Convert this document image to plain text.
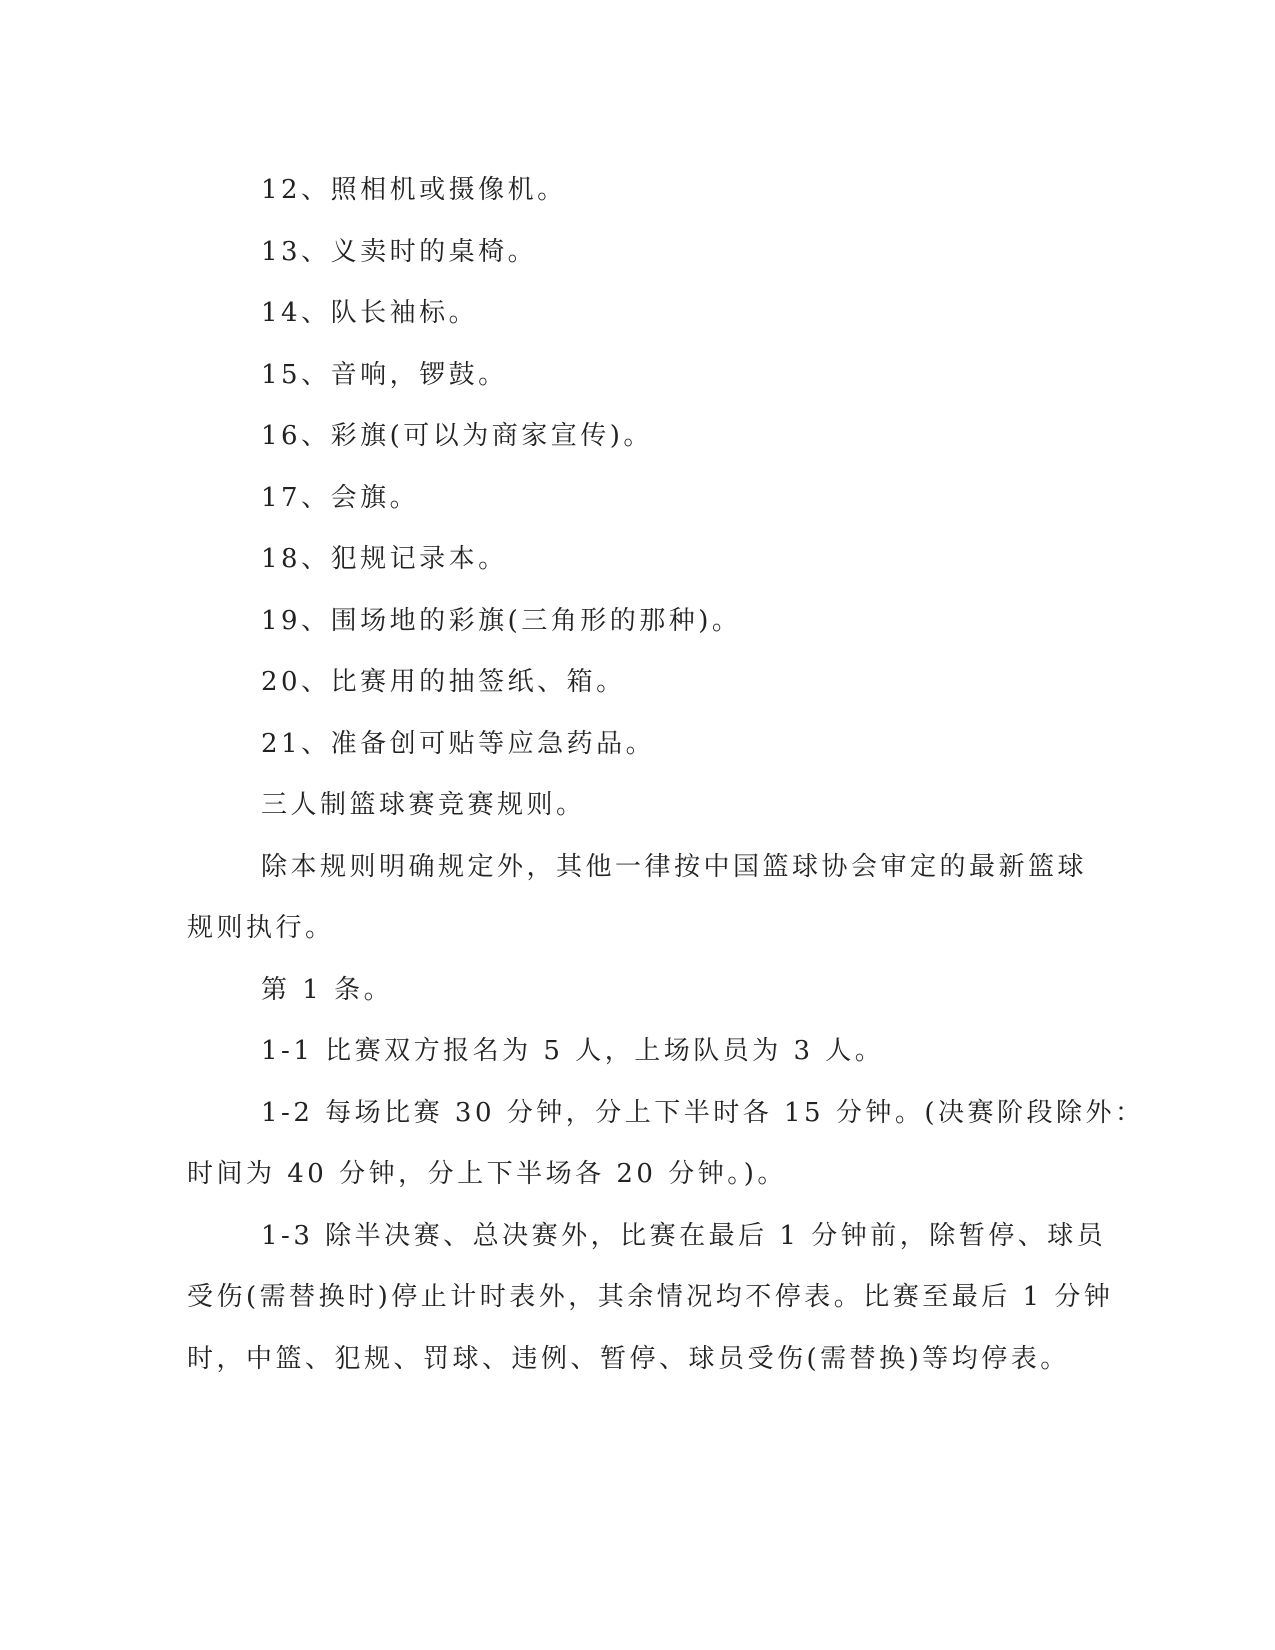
12、照相机或摄像机。

13、义卖时的桌椅。

14、队长袖标。

15、音响，锣鼓。

16、彩旗(可以为商家宣传)。

17、会旗。

18、犯规记录本。

19、围场地的彩旗(三角形的那种)。

20、比赛用的抽签纸、箱。

21、准备创可贴等应急药品。

三人制篮球赛竞赛规则。

除本规则明确规定外，其他一律按中国篮球协会审定的最新篮球

规则执行。

第 1 条。

1-1 比赛双方报名为 5 人，上场队员为 3 人。

1-2 每场比赛 30 分钟，分上下半时各 15 分钟。(决赛阶段除外：

时间为 40 分钟，分上下半场各 20 分钟。)。

1-3 除半决赛、总决赛外，比赛在最后 1 分钟前，除暂停、球员

受伤(需替换时)停止计时表外，其余情况均不停表。比赛至最后 1 分钟

时，中篮、犯规、罚球、违例、暂停、球员受伤(需替换)等均停表。
